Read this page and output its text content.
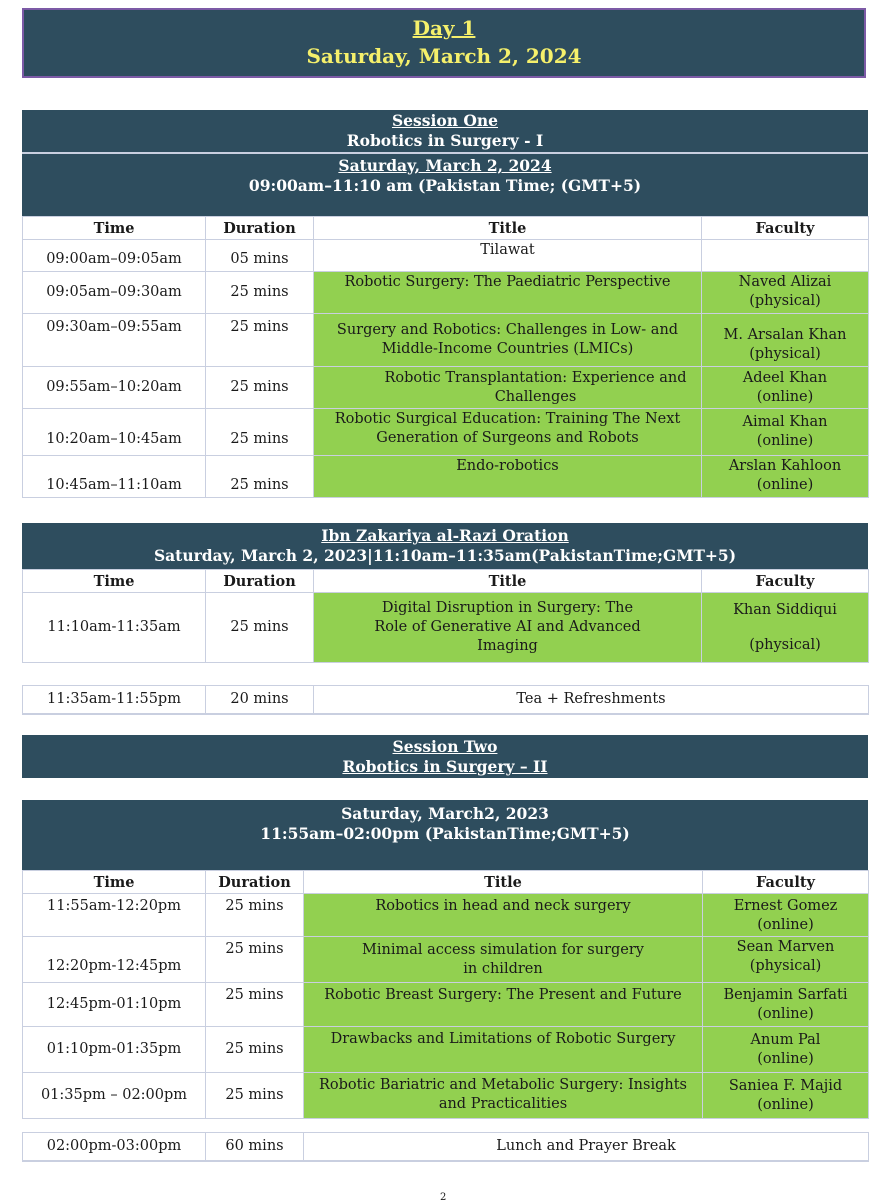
Day 1
Saturday, March 2, 2024
Session One
Robotics in Surgery - I
Saturday, March 2, 2024
09:00am–11:10 am (Pakistan Time; (GMT+5)
Time	Duration	Title	Faculty
09:00am–09:05am	05 mins	Tilawat	
09:05am–09:30am	25 mins	Robotic Surgery: The Paediatric Perspective	Naved Alizai
(physical)

09:30am–09:55am	25 mins	Surgery and Robotics: Challenges in Low- and Middle-Income Countries (LMICs)	M. Arsalan Khan
(physical)

09:55am–10:20am	25 mins	Robotic Transplantation: Experience and Challenges	Adeel Khan
(online)

10:20am–10:45am	25 mins	Robotic Surgical Education: Training The Next Generation of Surgeons and Robots	Aimal Khan
(online)

10:45am–11:10am	25 mins	Endo-robotics	Arslan Kahloon
(online)
Ibn Zakariya al-Razi Oration
Saturday, March 2, 2023|11:10am–11:35am(PakistanTime;GMT+5)
Time	Duration	Title	Faculty
11:10am-11:35am	25 mins	Digital Disruption in Surgery: The Role of Generative AI and Advanced Imaging	Khan Siddiqui
(physical)
11:35am-11:55pm	20 mins	Tea + Refreshments
Session Two
Robotics in Surgery – II
Saturday, March2, 2023
11:55am–02:00pm (PakistanTime;GMT+5)
Time	Duration	Title	Faculty
11:55am-12:20pm	25 mins	Robotics in head and neck surgery	Ernest Gomez
(online)

12:20pm-12:45pm	25 mins	Minimal access simulation for surgery in children	Sean Marven
(physical)

12:45pm-01:10pm	25 mins	Robotic Breast Surgery: The Present and Future	Benjamin Sarfati
(online)

01:10pm-01:35pm	25 mins	Drawbacks and Limitations of Robotic Surgery	Anum Pal
(online)

01:35pm – 02:00pm	25 mins	Robotic Bariatric and Metabolic Surgery: Insights and Practicalities	Saniea F. Majid
(online)
02:00pm-03:00pm	60 mins	Lunch and Prayer Break
2
